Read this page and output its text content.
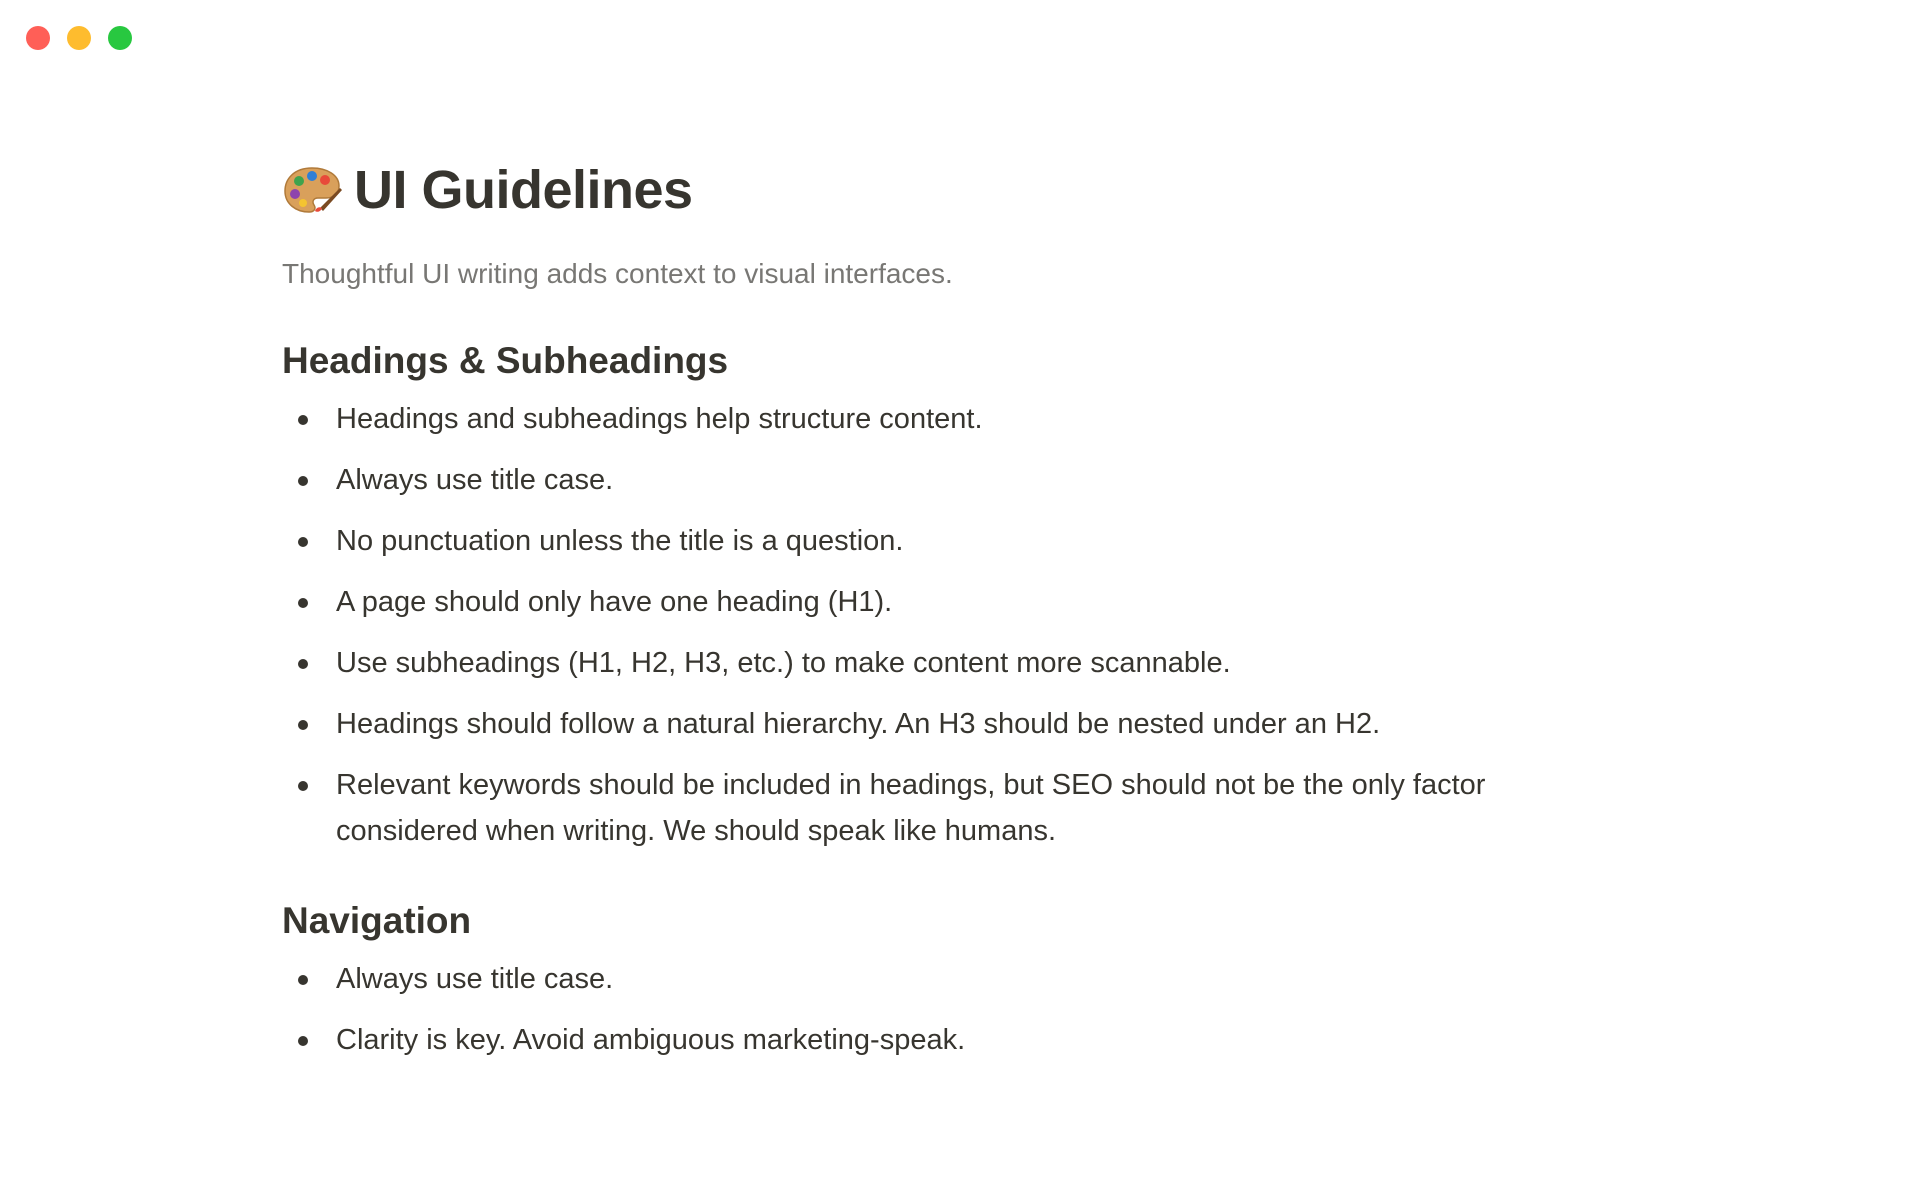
UI Guidelines

Thoughtful UI writing adds context to visual interfaces.

Headings & Subheadings
Headings and subheadings help structure content.
Always use title case.
No punctuation unless the title is a question.
A page should only have one heading (H1).
Use subheadings (H1, H2, H3, etc.) to make content more scannable.
Headings should follow a natural hierarchy. An H3 should be nested under an H2.
Relevant keywords should be included in headings, but SEO should not be the only factor considered when writing. We should speak like humans.
Navigation
Always use title case.
Clarity is key. Avoid ambiguous marketing-speak.
